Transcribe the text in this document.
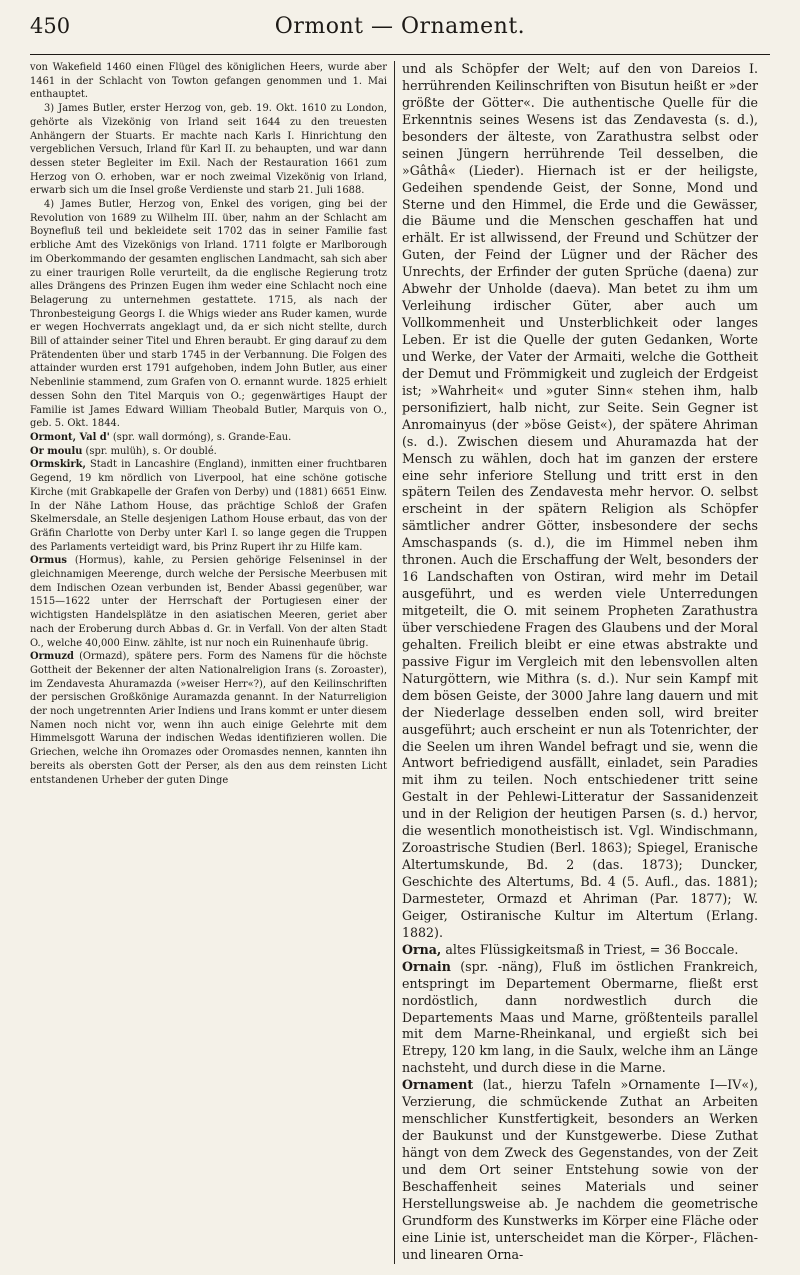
450	Ormont — Ornament.

von Wakefield 1460 einen Flügel des königlichen Heers, wurde aber 1461 in der Schlacht von Towton gefangen genommen und 1. Mai enthauptet.

3) James Butler, erster Herzog von, geb. 19. Okt. 1610 zu London, gehörte als Vizekönig von Irland seit 1644 zu den treuesten Anhängern der Stuarts. Er machte nach Karls I. Hinrichtung den vergeblichen Versuch, Irland für Karl II. zu behaupten, und war dann dessen steter Begleiter im Exil. Nach der Restauration 1661 zum Herzog von O. erhoben, war er noch zweimal Vizekönig von Irland, erwarb sich um die Insel große Verdienste und starb 21. Juli 1688.

4) James Butler, Herzog von, Enkel des vorigen, ging bei der Revolution von 1689 zu Wilhelm III. über, nahm an der Schlacht am Boynefluß teil und bekleidete seit 1702 das in seiner Familie fast erbliche Amt des Vizekönigs von Irland. 1711 folgte er Marlborough im Oberkommando der gesamten englischen Landmacht, sah sich aber zu einer traurigen Rolle verurteilt, da die englische Regierung trotz alles Drängens des Prinzen Eugen ihm weder eine Schlacht noch eine Belagerung zu unternehmen gestattete. 1715, als nach der Thronbesteigung Georgs I. die Whigs wieder ans Ruder kamen, wurde er wegen Hochverrats angeklagt und, da er sich nicht stellte, durch Bill of attainder seiner Titel und Ehren beraubt. Er ging darauf zu dem Prätendenten über und starb 1745 in der Verbannung. Die Folgen des attainder wurden erst 1791 aufgehoben, indem John Butler, aus einer Nebenlinie stammend, zum Grafen von O. ernannt wurde. 1825 erhielt dessen Sohn den Titel Marquis von O.; gegenwärtiges Haupt der Familie ist James Edward William Theobald Butler, Marquis von O., geb. 5. Okt. 1844.

Ormont, Val d' (spr. wall dormóng), s. Grande-Eau.

Or moulu (spr. mulüh), s. Or doublé.

Ormskirk, Stadt in Lancashire (England), inmitten einer fruchtbaren Gegend, 19 km nördlich von Liverpool, hat eine schöne gotische Kirche (mit Grabkapelle der Grafen von Derby) und (1881) 6651 Einw. In der Nähe Lathom House, das prächtige Schloß der Grafen Skelmersdale, an Stelle desjenigen Lathom House erbaut, das von der Gräfin Charlotte von Derby unter Karl I. so lange gegen die Truppen des Parlaments verteidigt ward, bis Prinz Rupert ihr zu Hilfe kam.

Ormus (Hormus), kahle, zu Persien gehörige Felseninsel in der gleichnamigen Meerenge, durch welche der Persische Meerbusen mit dem Indischen Ozean verbunden ist, Bender Abassi gegenüber, war 1515—1622 unter der Herrschaft der Portugiesen einer der wichtigsten Handelsplätze in den asiatischen Meeren, geriet aber nach der Eroberung durch Abbas d. Gr. in Verfall. Von der alten Stadt O., welche 40,000 Einw. zählte, ist nur noch ein Ruinenhaufe übrig.

Ormuzd (Ormazd), spätere pers. Form des Namens für die höchste Gottheit der Bekenner der alten Nationalreligion Irans (s. Zoroaster), im Zendavesta Ahuramazda (»weiser Herr«?), auf den Keilinschriften der persischen Großkönige Auramazda genannt. In der Naturreligion der noch ungetrennten Arier Indiens und Irans kommt er unter diesem Namen noch nicht vor, wenn ihn auch einige Gelehrte mit dem Himmelsgott Waruna der indischen Wedas identifizieren wollen. Die Griechen, welche ihn Oromazes oder Oromasdes nennen, kannten ihn bereits als obersten Gott der Perser, als den aus dem reinsten Licht entstandenen Urheber der guten Dinge

und als Schöpfer der Welt; auf den von Dareios I. herrührenden Keilinschriften von Bisutun heißt er »der größte der Götter«. Die authentische Quelle für die Erkenntnis seines Wesens ist das Zendavesta (s. d.), besonders der älteste, von Zarathustra selbst oder seinen Jüngern herrührende Teil desselben, die »Gâthâ« (Lieder). Hiernach ist er der heiligste, Gedeihen spendende Geist, der Sonne, Mond und Sterne und den Himmel, die Erde und die Gewässer, die Bäume und die Menschen geschaffen hat und erhält. Er ist allwissend, der Freund und Schützer der Guten, der Feind der Lügner und der Rächer des Unrechts, der Erfinder der guten Sprüche (daena) zur Abwehr der Unholde (daeva). Man betet zu ihm um Verleihung irdischer Güter, aber auch um Vollkommenheit und Unsterblichkeit oder langes Leben. Er ist die Quelle der guten Gedanken, Worte und Werke, der Vater der Armaiti, welche die Gottheit der Demut und Frömmigkeit und zugleich der Erdgeist ist; »Wahrheit« und »guter Sinn« stehen ihm, halb personifiziert, halb nicht, zur Seite. Sein Gegner ist Anromainyus (der »böse Geist«), der spätere Ahriman (s. d.). Zwischen diesem und Ahuramazda hat der Mensch zu wählen, doch hat im ganzen der erstere eine sehr inferiore Stellung und tritt erst in den spätern Teilen des Zendavesta mehr hervor. O. selbst erscheint in der spätern Religion als Schöpfer sämtlicher andrer Götter, insbesondere der sechs Amschaspands (s. d.), die im Himmel neben ihm thronen. Auch die Erschaffung der Welt, besonders der 16 Landschaften von Ostiran, wird mehr im Detail ausgeführt, und es werden viele Unterredungen mitgeteilt, die O. mit seinem Propheten Zarathustra über verschiedene Fragen des Glaubens und der Moral gehalten. Freilich bleibt er eine etwas abstrakte und passive Figur im Vergleich mit den lebensvollen alten Naturgöttern, wie Mithra (s. d.). Nur sein Kampf mit dem bösen Geiste, der 3000 Jahre lang dauern und mit der Niederlage desselben enden soll, wird breiter ausgeführt; auch erscheint er nun als Totenrichter, der die Seelen um ihren Wandel befragt und sie, wenn die Antwort befriedigend ausfällt, einladet, sein Paradies mit ihm zu teilen. Noch entschiedener tritt seine Gestalt in der Pehlewi-Litteratur der Sassanidenzeit und in der Religion der heutigen Parsen (s. d.) hervor, die wesentlich monotheistisch ist. Vgl. Windischmann, Zoroastrische Studien (Berl. 1863); Spiegel, Eranische Altertumskunde, Bd. 2 (das. 1873); Duncker, Geschichte des Altertums, Bd. 4 (5. Aufl., das. 1881); Darmesteter, Ormazd et Ahriman (Par. 1877); W. Geiger, Ostiranische Kultur im Altertum (Erlang. 1882).

Orna, altes Flüssigkeitsmaß in Triest, = 36 Boccale.

Ornain (spr. -näng), Fluß im östlichen Frankreich, entspringt im Departement Obermarne, fließt erst nordöstlich, dann nordwestlich durch die Departements Maas und Marne, größtenteils parallel mit dem Marne-Rheinkanal, und ergießt sich bei Etrepy, 120 km lang, in die Saulx, welche ihm an Länge nachsteht, und durch diese in die Marne.

Ornament (lat., hierzu Tafeln »Ornamente I—IV«), Verzierung, die schmückende Zuthat an Arbeiten menschlicher Kunstfertigkeit, besonders an Werken der Baukunst und der Kunstgewerbe. Diese Zuthat hängt von dem Zweck des Gegenstandes, von der Zeit und dem Ort seiner Entstehung sowie von der Beschaffenheit seines Materials und seiner Herstellungsweise ab. Je nachdem die geometrische Grundform des Kunstwerks im Körper eine Fläche oder eine Linie ist, unterscheidet man die Körper-, Flächen- und linearen Orna-
